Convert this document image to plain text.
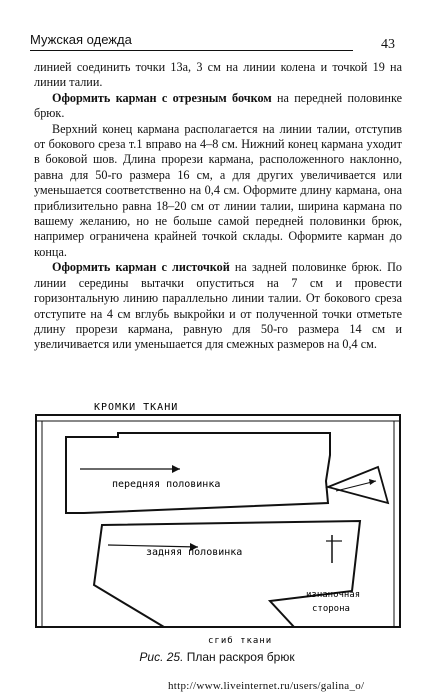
Мужская одежда	43

линией соединить точки 13а, 3 см на линии колена и точкой 19 на линии талии.

Оформить карман с отрезным бочком на передней половинке брюк.

Верхний конец кармана располагается на линии талии, отступив от бокового среза т.1 вправо на 4–8 см. Нижний конец кармана уходит в боковой шов. Длина прорези кармана, расположенного наклонно, равна для 50-го размера 16 см, а для других увеличивается или уменьшается соответственно на 0,4 см. Оформите длину кармана, она приблизительно равна 18–20 см от линии талии, ширина кармана по вашему желанию, но не больше самой передней половинки брюк, например ограничена крайней точкой склады. Оформите карман до конца.

Оформить карман с листочкой на задней половинке брюк. По линии середины вытачки опуститься на 7 см и провести горизонтальную линию параллельно линии талии. От бокового среза отступите на 4 см вглубь выкройки и от полученной точки отметьте длину прорези кармана, равную для 50-го размера 14 см и увеличивается или уменьшается для смежных размеров на 0,4 см.

КРОМКИ ТКАНИ
передняя половинка
задняя половинка
изнаночная
сторона
сгиб ткани
Рис. 25. План раскроя брюк
http://www.liveinternet.ru/users/galina_o/
